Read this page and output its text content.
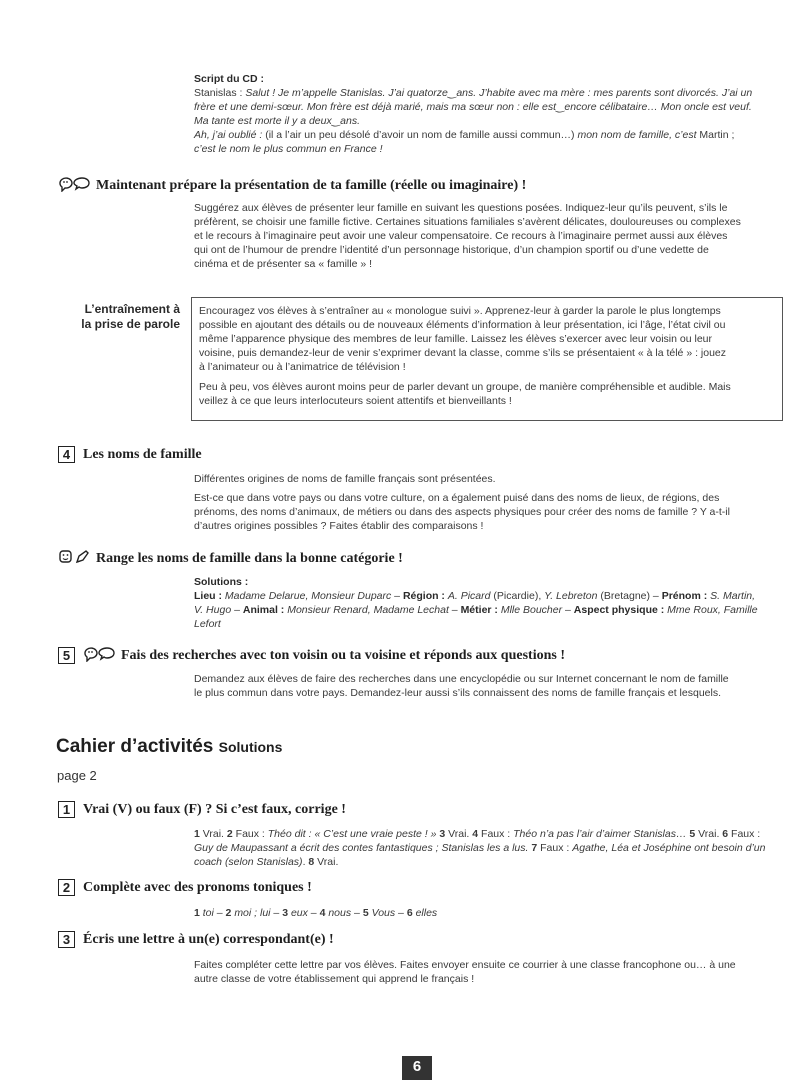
Script du CD :

Stanislas : Salut ! Je m’appelle Stanislas. J’ai quatorze‿ans. J’habite avec ma mère : mes parents sont divorcés. J’ai un

frère et une demi-sœur. Mon frère est déjà marié, mais ma sœur non : elle est‿encore célibataire… Mon oncle est veuf.

Ma tante est morte il y a deux‿ans.

Ah, j’ai oublié : (il a l’air un peu désolé d’avoir un nom de famille aussi commun…) mon nom de famille, c’est Martin ;

c’est le nom le plus commun en France !

Maintenant prépare la présentation de ta famille (réelle ou imaginaire) !

Suggérez aux élèves de présenter leur famille en suivant les questions posées. Indiquez-leur qu’ils peuvent, s’ils le

préfèrent, se choisir une famille fictive. Certaines situations familiales s’avèrent délicates, douloureuses ou complexes

et le recours à l’imaginaire peut avoir une valeur compensatoire. Ce recours à l’imaginaire permet aussi aux élèves

qui ont de l’humour de prendre l’identité d’un personnage historique, d’un champion sportif ou d’une vedette de

cinéma et de présenter sa « famille » !

L’entraînement à

la prise de parole

Encouragez vos élèves à s’entraîner au « monologue suivi ». Apprenez-leur à garder la parole le plus longtemps

possible en ajoutant des détails ou de nouveaux éléments d’information à leur présentation, ici l’âge, l’état civil ou

même l’apparence physique des membres de leur famille. Laissez les élèves s’exercer avec leur voisin ou leur

voisine, puis demandez-leur de venir s’exprimer devant la classe, comme s’ils se présentaient « à la télé » : jouez

à l’animateur ou à l’animatrice de télévision !

Peu à peu, vos élèves auront moins peur de parler devant un groupe, de manière compréhensible et audible. Mais

veillez à ce que leurs interlocuteurs soient attentifs et bienveillants !

4 Les noms de famille

Différentes origines de noms de famille français sont présentées.

Est-ce que dans votre pays ou dans votre culture, on a également puisé dans des noms de lieux, de régions, des

prénoms, des noms d’animaux, de métiers ou dans des aspects physiques pour créer des noms de famille ? Y a-t-il

d’autres origines possibles ? Faites établir des comparaisons !

Range les noms de famille dans la bonne catégorie !

Solutions :

Lieu : Madame Delarue, Monsieur Duparc – Région : A. Picard (Picardie), Y. Lebreton (Bretagne) – Prénom : S. Martin,

V. Hugo – Animal : Monsieur Renard, Madame Lechat – Métier : Mlle Boucher – Aspect physique : Mme Roux, Famille

Lefort

5	Fais des recherches avec ton voisin ou ta voisine et réponds aux questions !

Demandez aux élèves de faire des recherches dans une encyclopédie ou sur Internet concernant le nom de famille

le plus commun dans votre pays. Demandez-leur aussi s’ils connaissent des noms de famille français et lesquels.

Cahier d’activités Solutions
page 2
1 Vrai (V) ou faux (F) ? Si c’est faux, corrige !

1 Vrai. 2 Faux : Théo dit : « C’est une vraie peste ! » 3 Vrai. 4 Faux : Théo n’a pas l’air d’aimer Stanislas… 5 Vrai. 6 Faux :

Guy de Maupassant a écrit des contes fantastiques ; Stanislas les a lus. 7 Faux : Agathe, Léa et Joséphine ont besoin d’un

coach (selon Stanislas). 8 Vrai.

2 Complète avec des pronoms toniques !

1 toi – 2 moi ; lui – 3 eux – 4 nous – 5 Vous – 6 elles

3 Écris une lettre à un(e) correspondant(e) !

Faites compléter cette lettre par vos élèves. Faites envoyer ensuite ce courrier à une classe francophone ou… à une

autre classe de votre établissement qui apprend le français !

6
